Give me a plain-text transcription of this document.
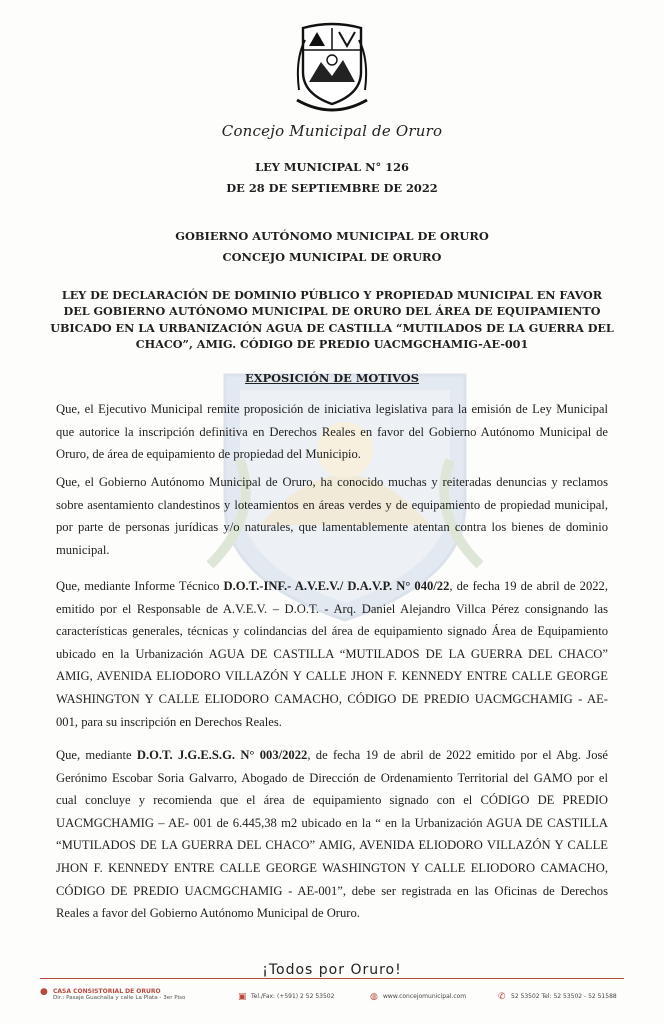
Concejo Municipal de Oruro
LEY MUNICIPAL N° 126
DE 28 DE SEPTIEMBRE DE 2022
GOBIERNO AUTÓNOMO MUNICIPAL DE ORURO
CONCEJO MUNICIPAL DE ORURO
LEY DE DECLARACIÓN DE DOMINIO PÚBLICO Y PROPIEDAD MUNICIPAL EN FAVOR
DEL GOBIERNO AUTÓNOMO MUNICIPAL DE ORURO DEL ÁREA DE EQUIPAMIENTO
UBICADO EN LA URBANIZACIÓN AGUA DE CASTILLA “MUTILADOS DE LA GUERRA DEL
CHACO”, AMIG. CÓDIGO DE PREDIO UACMGCHAMIG-AE-001
EXPOSICIÓN DE MOTIVOS
Que, el Ejecutivo Municipal remite proposición de iniciativa legislativa para la emisión de Ley Municipal que autorice la inscripción definitiva en Derechos Reales en favor del Gobierno Autónomo Municipal de Oruro, de área de equipamiento de propiedad del Municipio.
Que, el Gobierno Autónomo Municipal de Oruro, ha conocido muchas y reiteradas denuncias y reclamos sobre asentamiento clandestinos y loteamientos en áreas verdes y de equipamiento de propiedad municipal, por parte de personas jurídicas y/o naturales, que lamentablemente atentan contra los bienes de dominio municipal.
Que, mediante Informe Técnico D.O.T.-INF.- A.V.E.V./ D.A.V.P. N° 040/22, de fecha 19 de abril de 2022, emitido por el Responsable de A.V.E.V. – D.O.T. - Arq. Daniel Alejandro Villca Pérez consignando las características generales, técnicas y colindancias del área de equipamiento signado Área de Equipamiento ubicado en la Urbanización AGUA DE CASTILLA “MUTILADOS DE LA GUERRA DEL CHACO” AMIG, AVENIDA ELIODORO VILLAZÓN Y CALLE JHON F. KENNEDY ENTRE CALLE GEORGE WASHINGTON Y CALLE ELIODORO CAMACHO, CÓDIGO DE PREDIO UACMGCHAMIG - AE- 001, para su inscripción en Derechos Reales.
Que, mediante D.O.T. J.G.E.S.G. N° 003/2022, de fecha 19 de abril de 2022 emitido por el Abg. José Gerónimo Escobar Soria Galvarro, Abogado de Dirección de Ordenamiento Territorial del GAMO por el cual concluye y recomienda que el área de equipamiento signado con el CÓDIGO DE PREDIO UACMGCHAMIG – AE- 001 de 6.445,38 m2 ubicado en la “ en la Urbanización AGUA DE CASTILLA “MUTILADOS DE LA GUERRA DEL CHACO” AMIG, AVENIDA ELIODORO VILLAZÓN Y CALLE JHON F. KENNEDY ENTRE CALLE GEORGE WASHINGTON Y CALLE ELIODORO CAMACHO, CÓDIGO DE PREDIO UACMGCHAMIG - AE-001”, debe ser registrada en las Oficinas de Derechos Reales a favor del Gobierno Autónomo Municipal de Oruro.
¡Todos por Oruro!
● CASA CONSISTORIAL DE ORURO
Dir.: Pasaje Guachalla y calle La Plata - 3er Piso	▣ Tel./Fax: (+591) 2 52 53502	◍ www.concejomunicipal.com	✆ 52 53502 Tel: 52 53502 - 52 51588
